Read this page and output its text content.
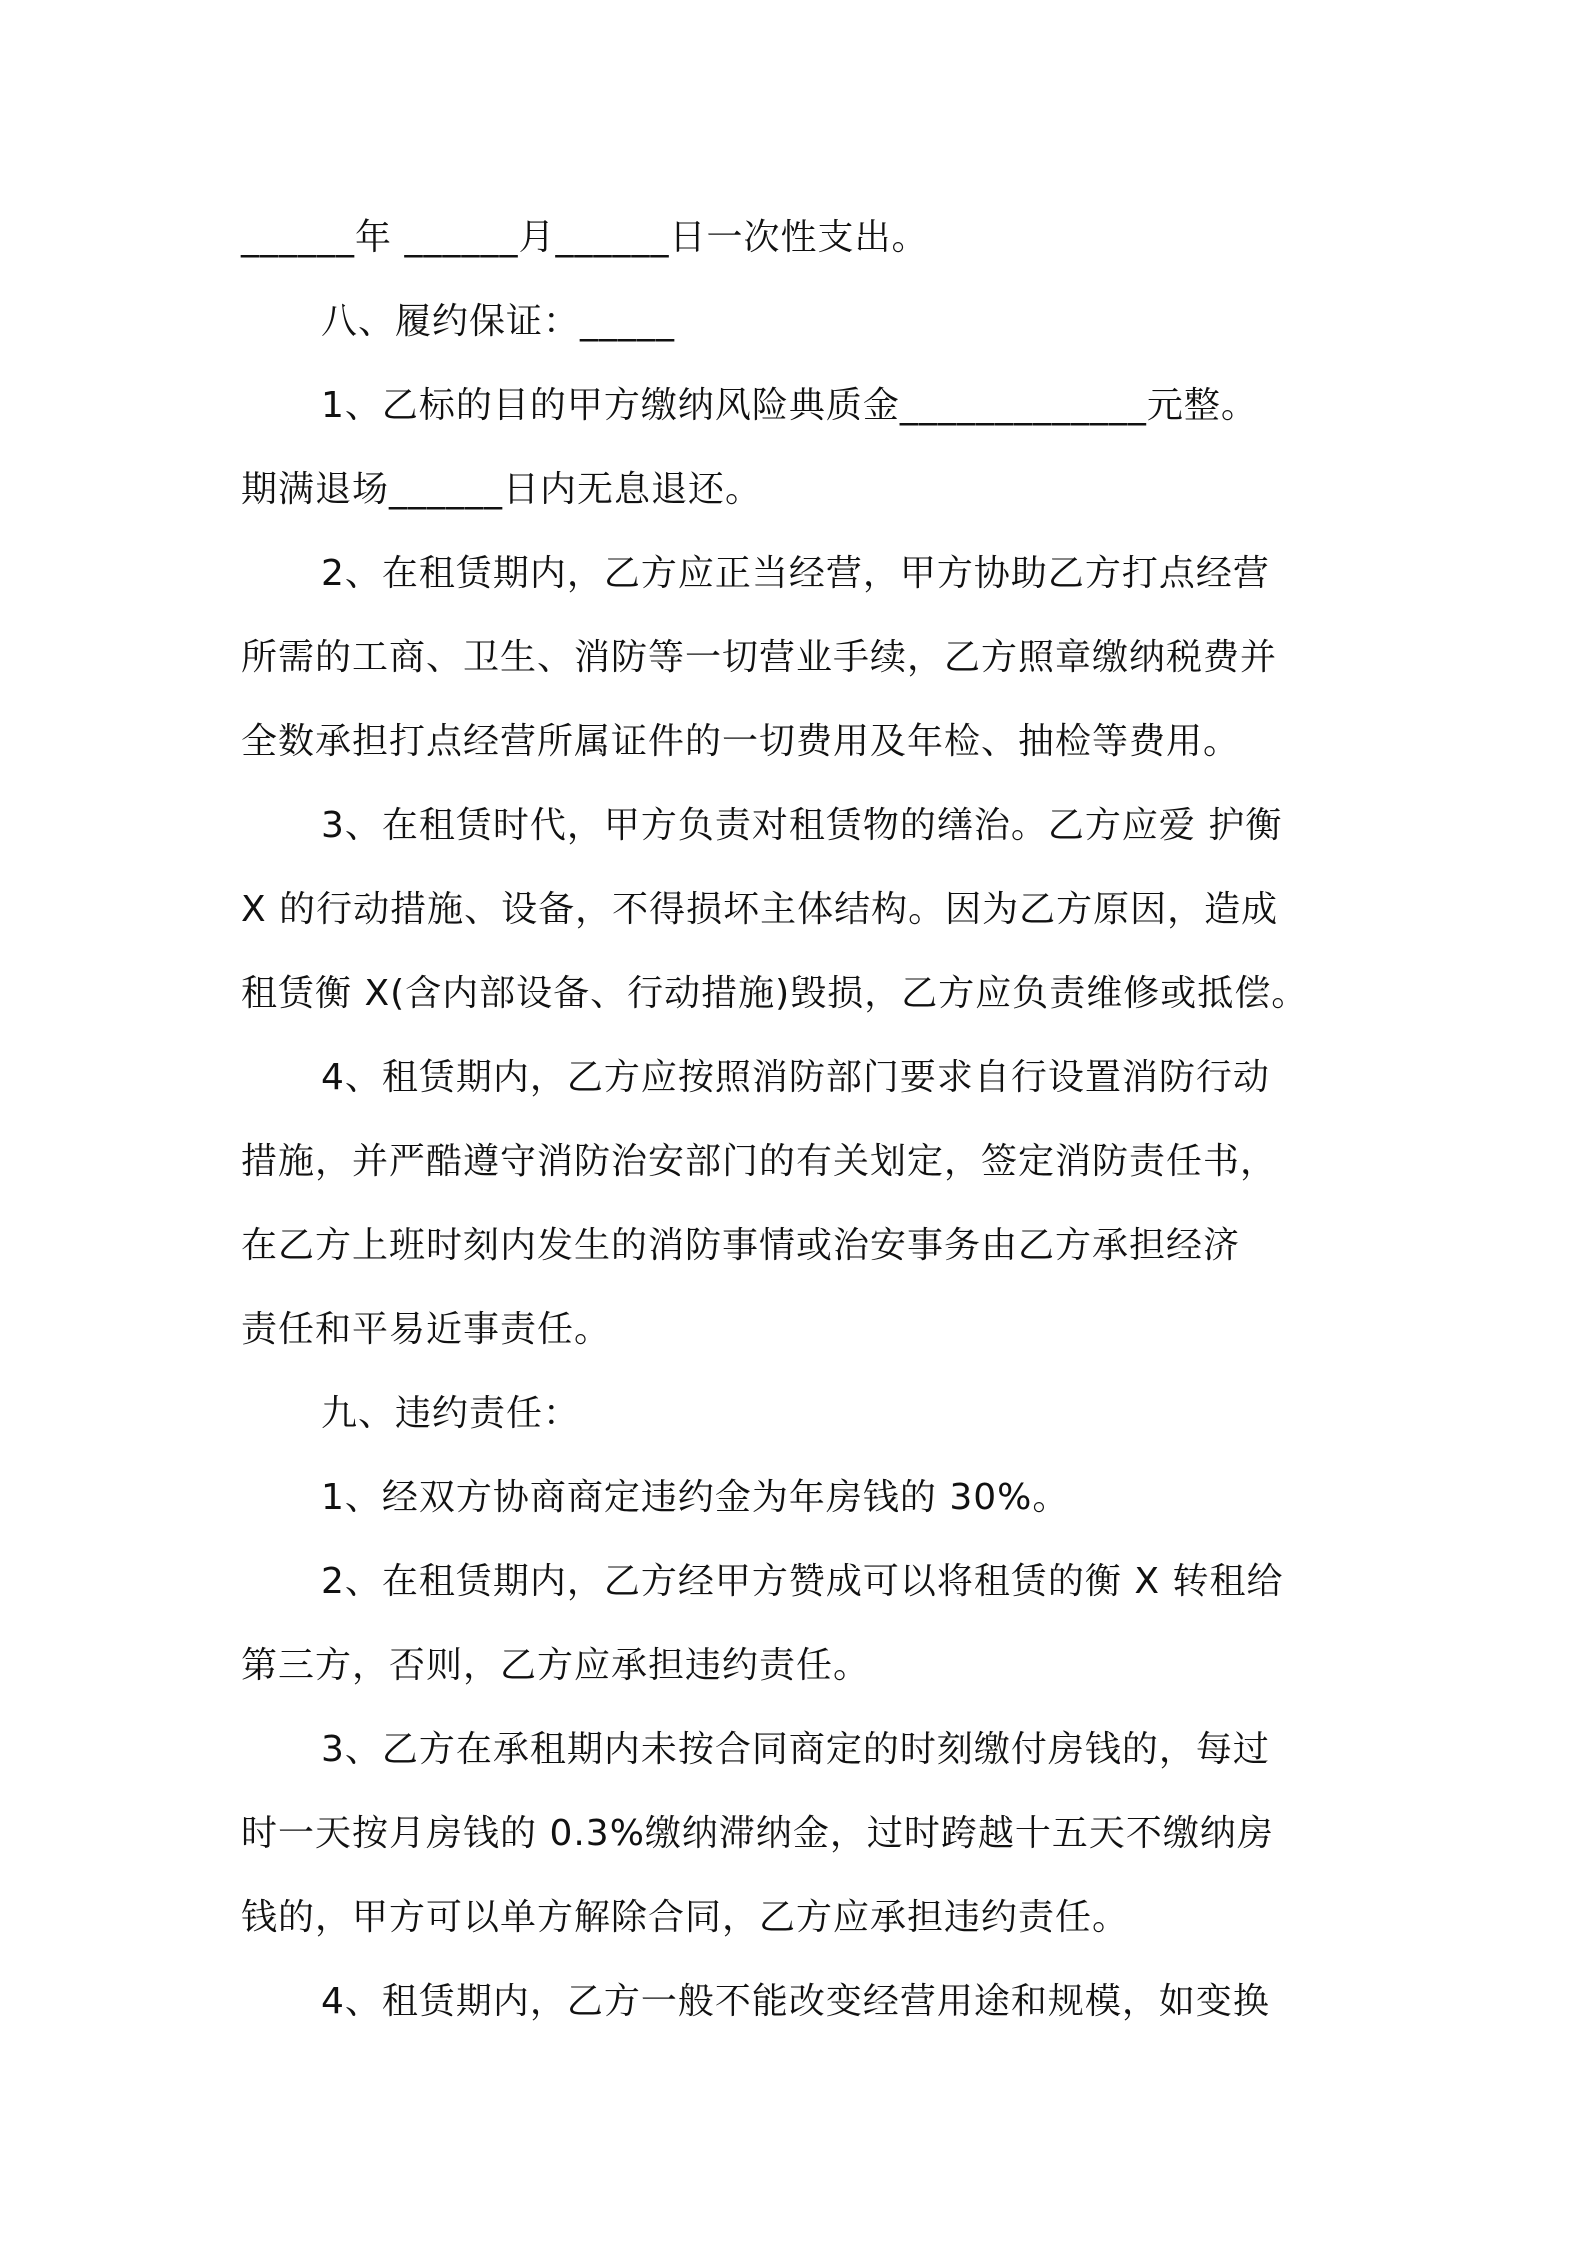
______年 ______月______日一次性支出。
八、履约保证：_____
1、乙标的目的甲方缴纳风险典质金_____________元整。
期满退场______日内无息退还。
2、在租赁期内，乙方应正当经营，甲方协助乙方打点经营
所需的工商、卫生、消防等一切营业手续，乙方照章缴纳税费并
全数承担打点经营所属证件的一切费用及年检、抽检等费用。
3、在租赁时代，甲方负责对租赁物的缮治。乙方应爱 护衡
X 的行动措施、设备，不得损坏主体结构。因为乙方原因，造成
租赁衡 X(含内部设备、行动措施)毁损，乙方应负责维修或抵偿。
4、租赁期内，乙方应按照消防部门要求自行设置消防行动
措施，并严酷遵守消防治安部门的有关划定，签定消防责任书，
在乙方上班时刻内发生的消防事情或治安事务由乙方承担经济
责任和平易近事责任。
九、违约责任：
1、经双方协商商定违约金为年房钱的 30%。
2、在租赁期内，乙方经甲方赞成可以将租赁的衡 X 转租给
第三方，否则，乙方应承担违约责任。
3、乙方在承租期内未按合同商定的时刻缴付房钱的，每过
时一天按月房钱的 0.3%缴纳滞纳金，过时跨越十五天不缴纳房
钱的，甲方可以单方解除合同，乙方应承担违约责任。
4、租赁期内，乙方一般不能改变经营用途和规模，如变换
